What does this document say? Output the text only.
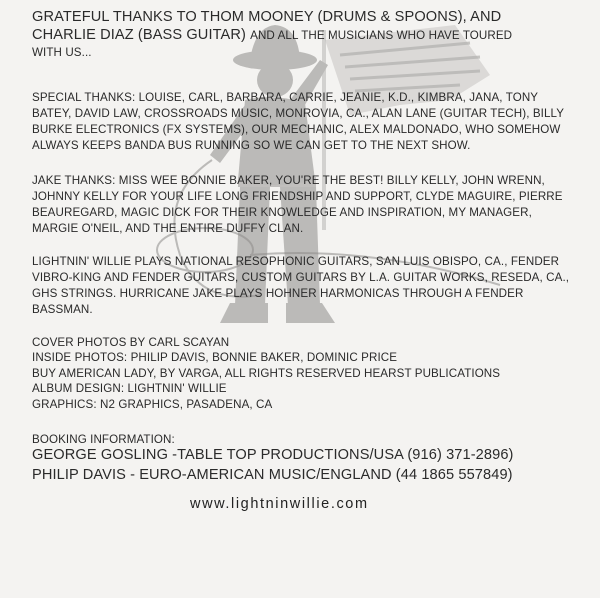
GRATEFUL THANKS TO THOM MOONEY (DRUMS & SPOONS), AND

CHARLIE DIAZ (BASS GUITAR) AND ALL THE MUSICIANS WHO HAVE TOURED

WITH US...

SPECIAL THANKS: LOUISE, CARL, BARBARA, CARRIE, JEANIE, K.D., KIMBRA, JANA, TONY BATEY, DAVID LAW, CROSSROADS MUSIC, MONROVIA, CA., ALAN LANE (GUITAR TECH), BILLY BURKE ELECTRONICS (FX SYSTEMS), OUR MECHANIC, ALEX MALDONADO, WHO SOMEHOW ALWAYS KEEPS BANDA BUS RUNNING SO WE CAN GET TO THE NEXT SHOW.

JAKE THANKS: MISS WEE BONNIE BAKER, YOU'RE THE BEST! BILLY KELLY, JOHN WRENN, JOHNNY KELLY FOR YOUR LIFE LONG FRIENDSHIP AND SUPPORT, CLYDE MAGUIRE, PIERRE BEAUREGARD, MAGIC DICK FOR THEIR KNOWLEDGE AND INSPIRATION, MY MANAGER, MARGIE O'NEIL, AND THE ENTIRE DUFFY CLAN.

LIGHTNIN' WILLIE PLAYS NATIONAL RESOPHONIC GUITARS, SAN LUIS OBISPO, CA., FENDER VIBRO-KING AND FENDER GUITARS, CUSTOM GUITARS BY L.A. GUITAR WORKS, RESEDA, CA., GHS STRINGS. HURRICANE JAKE PLAYS HOHNER HARMONICAS THROUGH A FENDER BASSMAN.

COVER PHOTOS BY CARL SCAYAN

INSIDE PHOTOS: PHILIP DAVIS, BONNIE BAKER, DOMINIC PRICE

BUY AMERICAN LADY, BY VARGA, ALL RIGHTS RESERVED HEARST PUBLICATIONS

ALBUM DESIGN: LIGHTNIN' WILLIE

GRAPHICS: N2 GRAPHICS, PASADENA, CA

BOOKING INFORMATION:

GEORGE GOSLING -TABLE TOP PRODUCTIONS/USA (916) 371-2896)

PHILIP DAVIS - EURO-AMERICAN MUSIC/ENGLAND (44 1865 557849)

www.lightninwillie.com
